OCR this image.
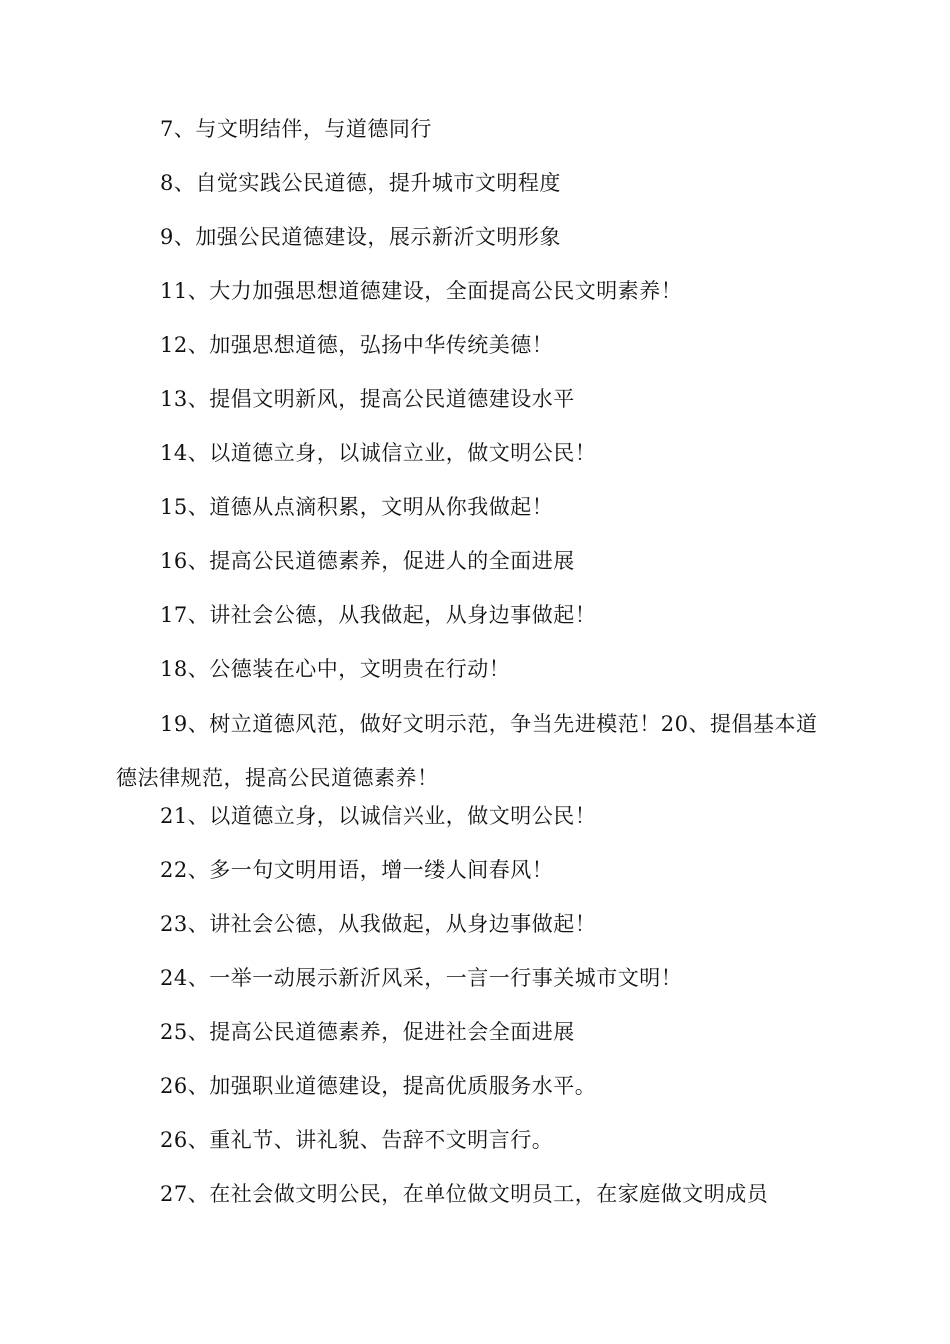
7、与文明结伴，与道德同行
8、自觉实践公民道德，提升城市文明程度
9、加强公民道德建设，展示新沂文明形象
11、大力加强思想道德建设，全面提高公民文明素养！
12、加强思想道德，弘扬中华传统美德！
13、提倡文明新风，提高公民道德建设水平
14、以道德立身，以诚信立业，做文明公民！
15、道德从点滴积累，文明从你我做起！
16、提高公民道德素养，促进人的全面进展
17、讲社会公德，从我做起，从身边事做起！
18、公德装在心中，文明贵在行动！
19、树立道德风范，做好文明示范，争当先进模范！20、提倡基本道德法律规范，提高公民道德素养！
21、以道德立身，以诚信兴业，做文明公民！
22、多一句文明用语，增一缕人间春风！
23、讲社会公德，从我做起，从身边事做起！
24、一举一动展示新沂风采，一言一行事关城市文明！
25、提高公民道德素养，促进社会全面进展
26、加强职业道德建设，提高优质服务水平。
26、重礼节、讲礼貌、告辞不文明言行。
27、在社会做文明公民，在单位做文明员工，在家庭做文明成员
